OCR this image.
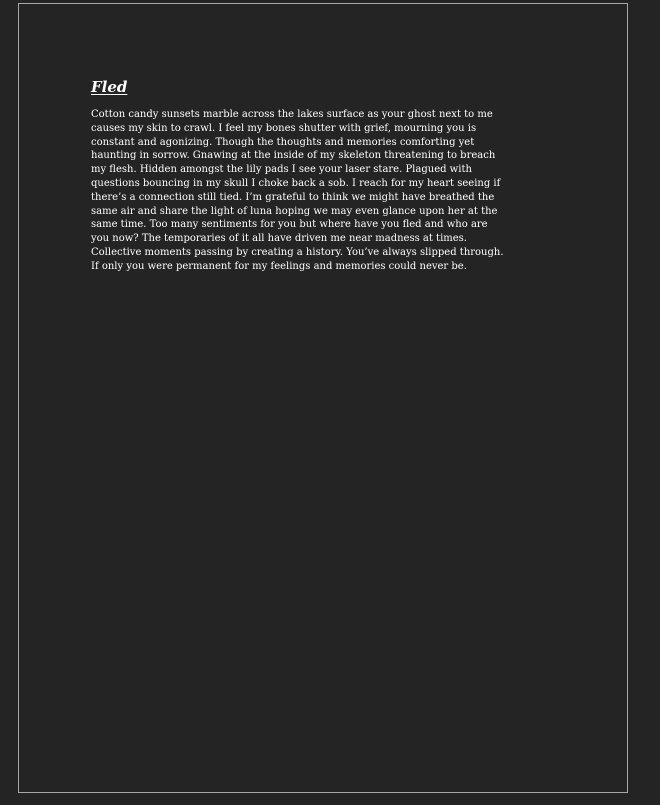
Fled

Cotton candy sunsets marble across the lakes surface as your ghost next to me
causes my skin to crawl. I feel my bones shutter with grief, mourning you is
constant and agonizing. Though the thoughts and memories comforting yet
haunting in sorrow. Gnawing at the inside of my skeleton threatening to breach
my flesh. Hidden amongst the lily pads I see your laser stare. Plagued with
questions bouncing in my skull I choke back a sob. I reach for my heart seeing if
there’s a connection still tied. I’m grateful to think we might have breathed the
same air and share the light of luna hoping we may even glance upon her at the
same time. Too many sentiments for you but where have you fled and who are
you now? The temporaries of it all have driven me near madness at times.
Collective moments passing by creating a history. You’ve always slipped through.
If only you were permanent for my feelings and memories could never be.
